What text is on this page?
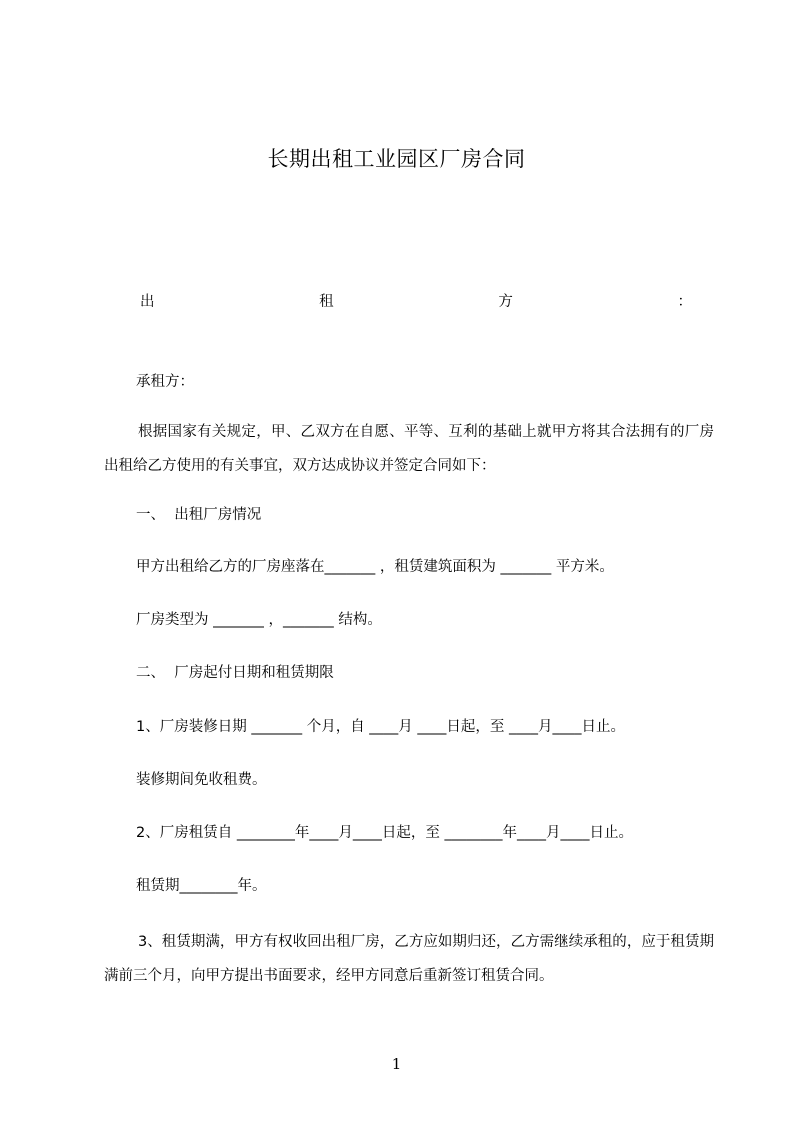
长期出租工业园区厂房合同
出	租	方	：
承租方：
根据国家有关规定，甲、乙双方在自愿、平等、互利的基础上就甲方将其合法拥有的厂房出租给乙方使用的有关事宜，双方达成协议并签定合同如下：
一、  出租厂房情况
甲方出租给乙方的厂房座落在_______ ，租赁建筑面积为 _______ 平方米。
厂房类型为 _______ ，_______ 结构。
二、  厂房起付日期和租赁期限
1、厂房装修日期 _______ 个月，自 ____月 ____日起，至 ____月____日止。
装修期间免收租费。
2、厂房租赁自 ________年____月____日起，至 ________年____月____日止。
租赁期________年。
3、租赁期满，甲方有权收回出租厂房，乙方应如期归还，乙方需继续承租的，应于租赁期满前三个月，向甲方提出书面要求，经甲方同意后重新签订租赁合同。
1
